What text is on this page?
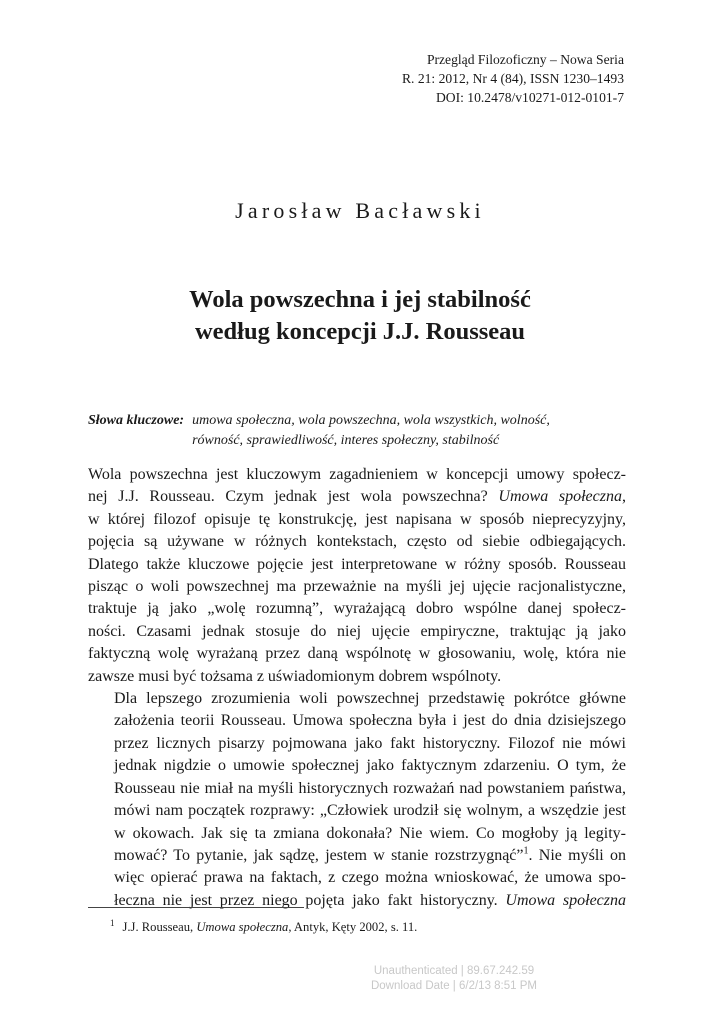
Przegląd Filozoficzny – Nowa Seria
R. 21: 2012, Nr 4 (84), ISSN 1230–1493
DOI: 10.2478/v10271-012-0101-7
Jarosław Bacławski
Wola powszechna i jej stabilność
według koncepcji J.J. Rousseau
Słowa kluczowe: umowa społeczna, wola powszechna, wola wszystkich, wolność,
równość, sprawiedliwość, interes społeczny, stabilność

Wola powszechna jest kluczowym zagadnieniem w koncepcji umowy społecz-
nej J.J. Rousseau. Czym jednak jest wola powszechna? Umowa społeczna,
w której filozof opisuje tę konstrukcję, jest napisana w sposób nieprecyzyjny,
pojęcia są używane w różnych kontekstach, często od siebie odbiegających.
Dlatego także kluczowe pojęcie jest interpretowane w różny sposób. Rousseau
pisząc o woli powszechnej ma przeważnie na myśli jej ujęcie racjonalistyczne,
traktuje ją jako „wolę rozumną”, wyrażającą dobro wspólne danej społecz-
ności. Czasami jednak stosuje do niej ujęcie empiryczne, traktując ją jako
faktyczną wolę wyrażaną przez daną wspólnotę w głosowaniu, wolę, która nie
zawsze musi być tożsama z uświadomionym dobrem wspólnoty.

Dla lepszego zrozumienia woli powszechnej przedstawię pokrótce główne
założenia teorii Rousseau. Umowa społeczna była i jest do dnia dzisiejszego
przez licznych pisarzy pojmowana jako fakt historyczny. Filozof nie mówi
jednak nigdzie o umowie społecznej jako faktycznym zdarzeniu. O tym, że
Rousseau nie miał na myśli historycznych rozważań nad powstaniem państwa,
mówi nam początek rozprawy: „Człowiek urodził się wolnym, a wszędzie jest
w okowach. Jak się ta zmiana dokonała? Nie wiem. Co mogłoby ją legity-
mować? To pytanie, jak sądzę, jestem w stanie rozstrzygnąć”$^1$. Nie myśli on
więc opierać prawa na faktach, z czego można wnioskować, że umowa spo-
łeczna nie jest przez niego pojęta jako fakt historyczny. Umowa społeczna

$^1$ J.J. Rousseau, Umowa społeczna, Antyk, Kęty 2002, s. 11.
Unauthenticated | 89.67.242.59
Download Date | 6/2/13 8:51 PM
